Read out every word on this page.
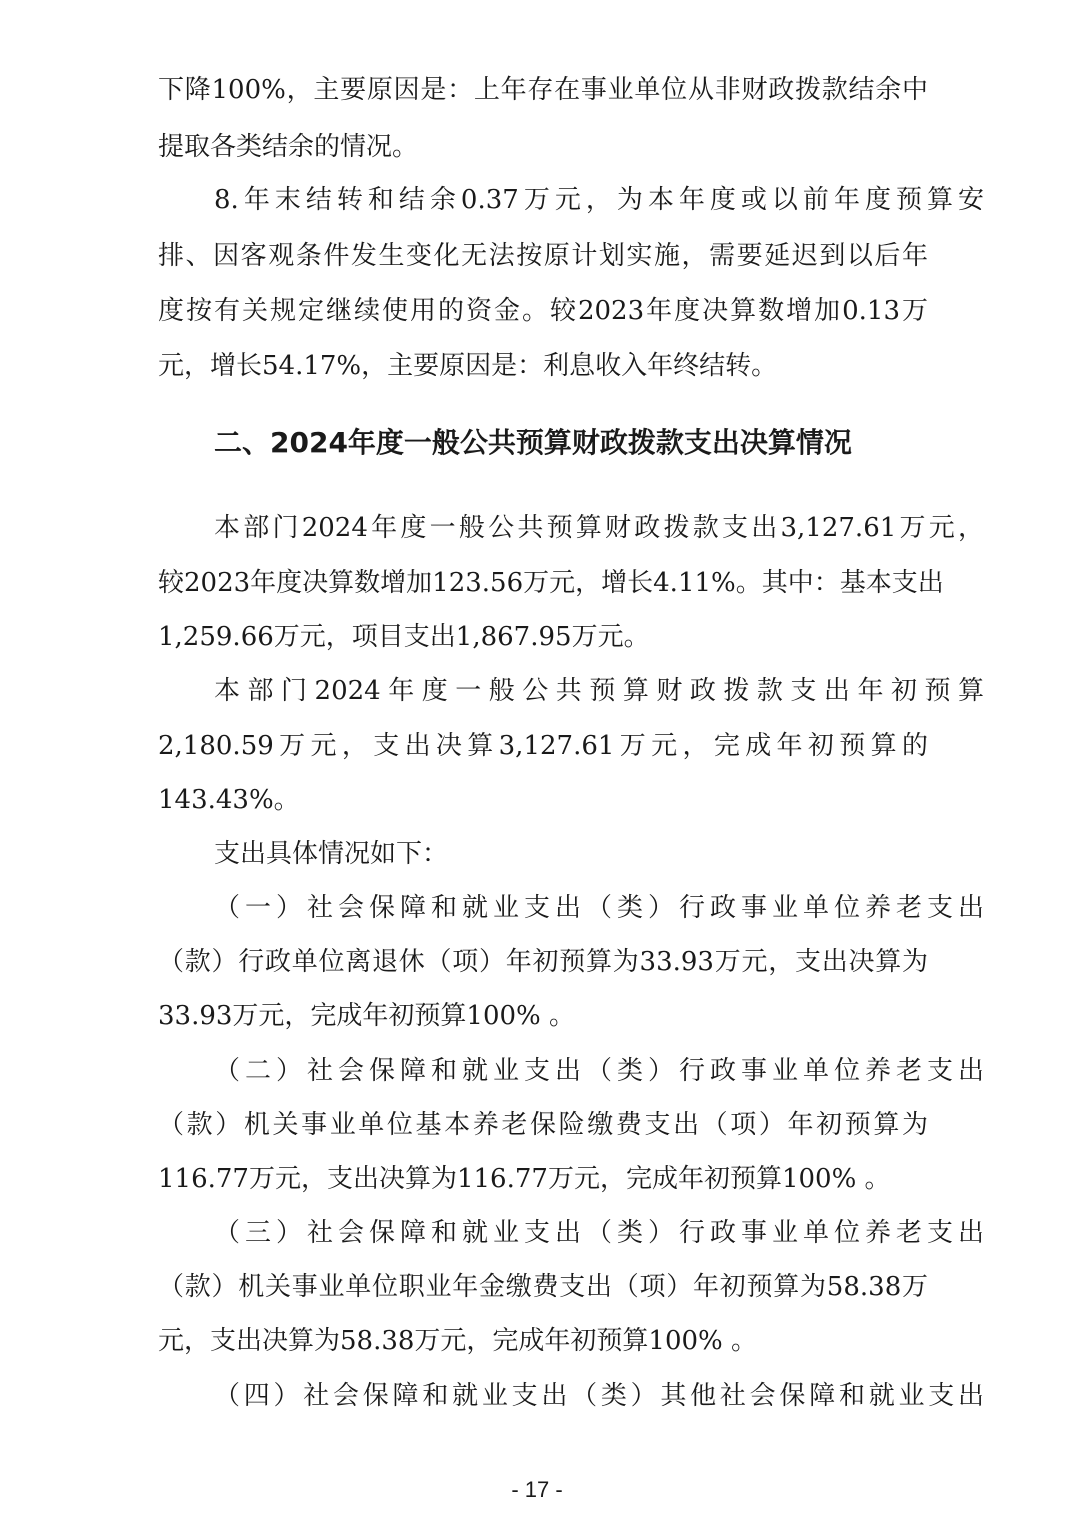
下降100%，主要原因是：上年存在事业单位从非财政拨款结余中
提取各类结余的情况。
8.年末结转和结余0.37万元，为本年度或以前年度预算安
排、因客观条件发生变化无法按原计划实施，需要延迟到以后年
度按有关规定继续使用的资金。较2023年度决算数增加0.13万
元，增长54.17%，主要原因是：利息收入年终结转。
二、2024年度一般公共预算财政拨款支出决算情况
本部门2024年度一般公共预算财政拨款支出3,127.61万元，
较2023年度决算数增加123.56万元，增长4.11%。其中：基本支出
1,259.66万元，项目支出1,867.95万元。
本部门2024年度一般公共预算财政拨款支出年初预算
2,180.59万元，支出决算3,127.61万元，完成年初预算的
143.43%。
支出具体情况如下：
（一）社会保障和就业支出（类）行政事业单位养老支出
（款）行政单位离退休（项）年初预算为33.93万元，支出决算为
33.93万元，完成年初预算100% 。
（二）社会保障和就业支出（类）行政事业单位养老支出
（款）机关事业单位基本养老保险缴费支出（项）年初预算为
116.77万元，支出决算为116.77万元，完成年初预算100% 。
（三）社会保障和就业支出（类）行政事业单位养老支出
（款）机关事业单位职业年金缴费支出（项）年初预算为58.38万
元，支出决算为58.38万元，完成年初预算100% 。
（四）社会保障和就业支出（类）其他社会保障和就业支出
- 17 -
